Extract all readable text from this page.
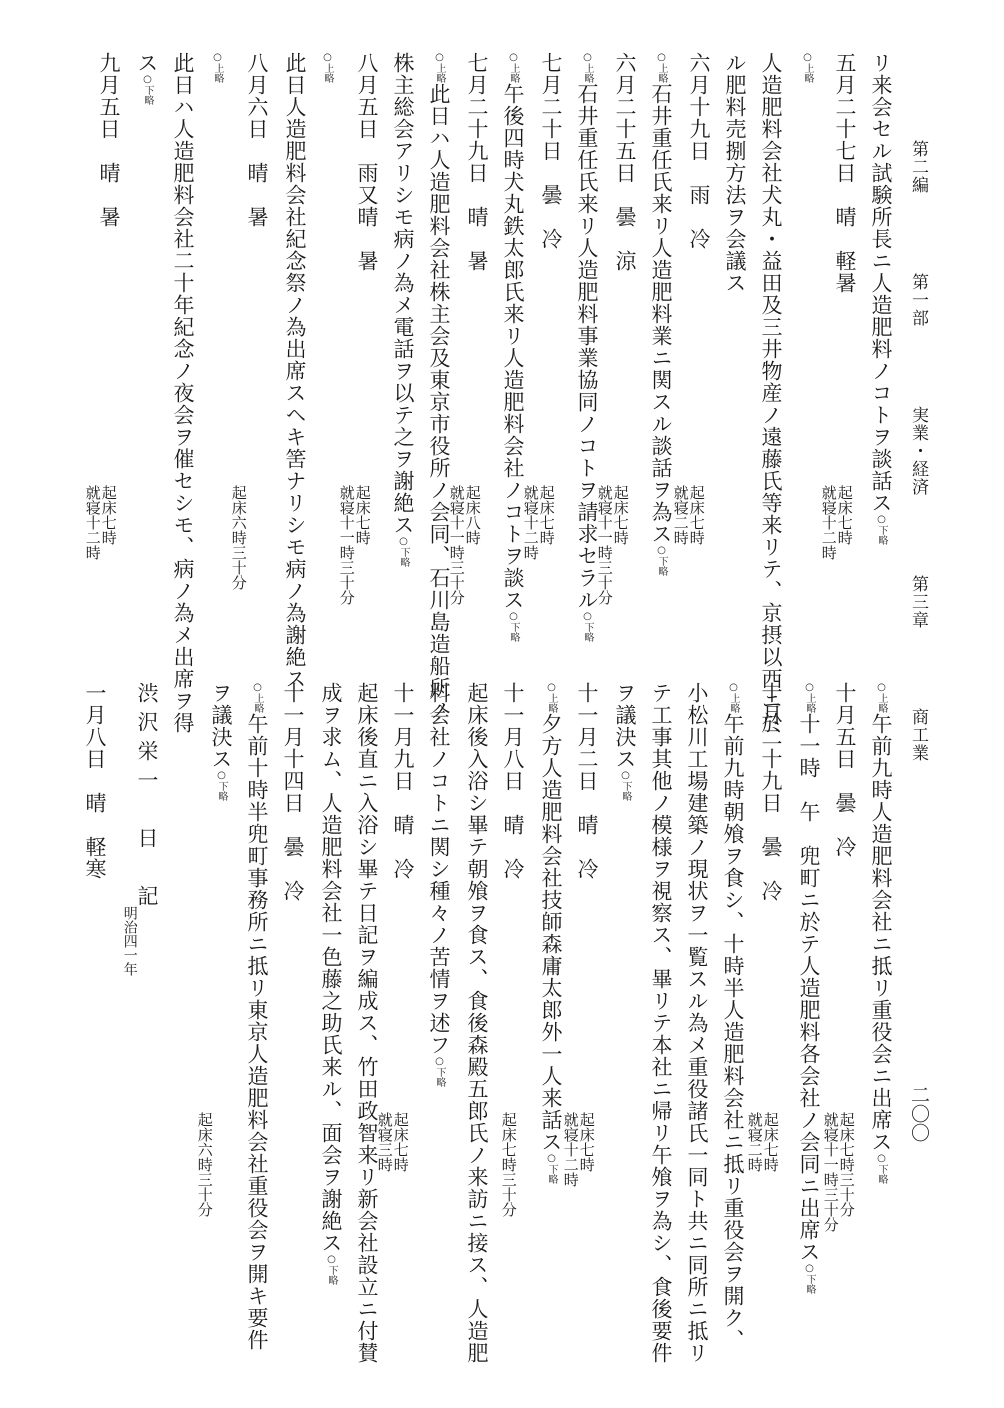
第二編 第一部 実業・経済 第三章 商工業
二〇〇
リ来会セル試験所長ニ人造肥料ノコトヲ談話ス○下略
五月二十七日　晴　軽暑
○上略
人造肥料会社犬丸・益田及三井物産ノ遠藤氏等来リテ、京摂以西ニ於
ル肥料売捌方法ヲ会議ス
六月十九日　雨　冷
○上略石井重任氏来リ人造肥料業ニ関スル談話ヲ為ス○下略
六月二十五日　曇　涼
○上略石井重任氏来リ人造肥料事業協同ノコトヲ請求セラル○下略
七月二十日　曇　冷
○上略午後四時犬丸鉄太郎氏来リ人造肥料会社ノコトヲ談ス○下略
七月二十九日　晴　暑
○上略此日ハ人造肥料会社株主会及東京市役所ノ会同、石川島造船所ノ
株主総会アリシモ病ノ為メ電話ヲ以テ之ヲ謝絶ス○下略
八月五日　雨又晴　暑
○上略
此日人造肥料会社紀念祭ノ為出席スヘキ筈ナリシモ病ノ為謝絶ス
八月六日　晴　暑
○上略
此日ハ人造肥料会社二十年紀念ノ夜会ヲ催セシモ、病ノ為メ出席ヲ得
ス○下略
九月五日　晴　暑
起床七時
就寝十二時
起床七時
就寝二時
起床七時
就寝十一時三十分
起床七時
就寝十二時
起床八時
就寝十一時三十分
起床七時
就寝十一時三十分
起床六時三十分
起床七時
就寝十二時
○上略午前九時人造肥料会社ニ抵リ重役会ニ出席ス○下略
十月五日　曇　冷
○上略十一時　午　兜町ニ於テ人造肥料各会社ノ会同ニ出席ス○下略
十月二十九日　曇　冷
○上略午前九時朝飧ヲ食シ、十時半人造肥料会社ニ抵リ重役会ヲ開ク、
小松川工場建築ノ現状ヲ一覧スル為メ重役諸氏一同ト共ニ同所ニ抵リ
テ工事其他ノ模様ヲ視察ス、畢リテ本社ニ帰リ午飧ヲ為シ、食後要件
ヲ議決ス○下略
十一月二日　晴　冷
○上略夕方人造肥料会社技師森庸太郎外一人来話ス○下略
十一月八日　晴　冷
起床後入浴シ畢テ朝飧ヲ食ス、食後森殿五郎氏ノ来訪ニ接ス、人造肥
料会社ノコトニ関シ種々ノ苦情ヲ述フ○下略
十一月九日　晴　冷
起床後直ニ入浴シ畢テ日記ヲ編成ス、竹田政智来リ新会社設立ニ付賛
成ヲ求ム、人造肥料会社一色藤之助氏来ル、面会ヲ謝絶ス○下略
十一月十四日　曇　冷
○上略午前十時半兜町事務所ニ抵リ東京人造肥料会社重役会ヲ開キ要件
ヲ議決ス○下略
渋沢栄一　日　記
明治四一年
一月八日　晴　軽寒
起床七時三十分
就寝十一時三十分
起床七時
就寝二時
起床七時
就寝十二時
起床七時三十分
起床七時
就寝三時
起床六時三十分
